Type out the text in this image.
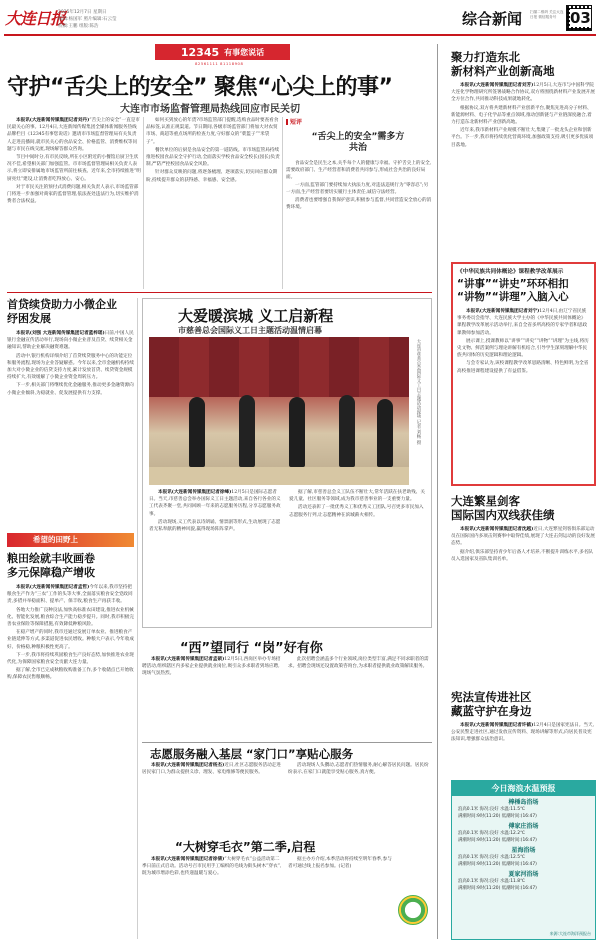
大连日报
2025年12月7日 星期日
编辑:杨国军 照片编辑:石云莹
校稿:王鹏 组版:陈浩	综合新闻 扫描二维码 关注大连日报 微信服务号 03
12345 有事您说话
82561111 81118908
守护“舌尖上的安全” 聚焦“心尖上的事”
大连市市场监督管理局热线回应市民关切

本报讯(大连新闻传媒集团记者刘丹)“舌尖上的安全”一直是市民最关心的事。12月4日,大连新闻传媒集团全媒体新闻服务热线品牌栏目《12345有事您说话》邀请市市场监督管理局有关负责人走进直播间,就市民关心的食品安全、价格监管、消费维权等问题与市民在线交流,现场解答群众咨询。

节目中间时分,有市民反映,所在小区附近的小餐馆后厨卫生状况不佳,希望相关部门加强监管。市市场监督管理局相关负责人表示,将立即安排属地市场监管所前往核查。近年来,全市持续推进“明厨亮灶”建设,让消费者吃得放心、安心。

对于市民关注的预付式消费问题,相关负责人表示,市场监管部门将进一步加强对商家的监督管理,依法查处违法行为,切实维护消费者合法权益。

如何买到放心的年货?市场监管部门提醒,选购食品时要查看食品标签,认准正规渠道。节日期间,各级市场监管部门将加大对农贸市场、商超等重点场所的检查力度,守好群众的“菜篮子”“米袋子”。

餐饮单位的后厨是食品安全的第一道防线。市市场监管局持续推进校园食品安全守护行动,全面落实学校食品安全校长(园长)负责制,严防严控校园食品安全风险。

针对群众反映的问题,将逐条梳理、逐项落实,切实回应群众期盼,持续提升群众的获得感、幸福感、安全感。

短评
“舌尖上的安全”需多方共治

食品安全是民生之本,关乎每个人的健康与幸福。守护舌尖上的安全,需要政府部门、生产经营者和消费者共同参与,形成社会共治的良好局面。

一方面,监管部门要持续加大执法力度,对违法违规行为“零容忍”;另一方面,生产经营者要切实履行主体责任,诚信守法经营。

消费者也要增强自我保护意识,积极参与监督,共同营造安全放心的消费环境。

聚力打造东北
新材料产业创新高地

本报讯(大连新闻传媒集团记者刘芳)12月5日,大连市与中国科学院大连化学物理研究所签署战略合作协议,双方将围绕新材料产业发展开展全方位合作,共同推动科技成果就地转化。

根据协议,双方将共建新材料产业创新平台,聚焦先进高分子材料、新能源材料、电子化学品等重点领域,推动创新链与产业链深度融合,着力打造东北新材料产业创新高地。

近年来,我市新材料产业规模不断壮大,集聚了一批龙头企业和创新平台。下一步,我市将持续优化营商环境,加强政策支持,吸引更多优质项目落地。

《中华民族共同体概论》课程教学改革展示
“讲事”“讲史”环环相扣
“讲物”“讲理”入脑入心

本报讯(大连新闻传媒集团记者刘宁)12月4日,由辽宁省民族事务委员会指导、大连民族大学主办的《中华民族共同体概论》课程教学改革展示活动举行,来自全省多所高校的专家学者和思政课教师参加活动。

展示课上,授课教师以“讲事”“讲史”“讲物”“讲理”为主线,将历史文物、鲜活案例与理论讲解有机结合,引导学生深刻理解中华民族共同体的历史逻辑和理论逻辑。

与会专家认为,该校课程教学改革思路清晰、特色鲜明,为全省高校推进课程建设提供了有益借鉴。

大连繁星剑客
国际国内双线获佳绩

本报讯(大连新闻传媒集团记者沈越)近日,大连繁星剑客俱乐部运动员在国际国内多项击剑赛事中取得佳绩,展现了大连击剑运动的良好发展态势。

据介绍,俱乐部坚持青少年后备人才培养,不断提升训练水平,多名队员入选国家及省队集训名单。

宪法宣传进社区
藏蓝守护在身边

本报讯(大连新闻传媒集团记者许鹤)12月4日是国家宪法日。当天,公安民警走进社区,通过发放宣传资料、现场讲解等形式,向居民普及宪法知识,增强群众法治意识。

今日海浪水温预报
棒棰岛浴场
浪高0.1米 海况:良好 水温:11.5℃
满潮时间:9时(11:20) 低潮时间:(16:47)
傅家庄浴场
浪高0.1米 海况:良好 水温:12.2℃
满潮时间:9时(11:20) 低潮时间:(16:47)
星海浴场
浪高0.1米 海况:良好 水温:12.5℃
满潮时间:9时(11:20) 低潮时间:(16:47)
夏家河浴场
浪高0.1米 海况:良好 水温:11.8℃
满潮时间:9时(11:20) 低潮时间:(16:47)
来源:大连市海洋预报台
首贷续贷助力小微企业
纾困发展

本报讯(刘强 大连新闻传媒集团记者蓝梓瑶)日前,中国人民银行金融宣传活动举行,现场向小微企业普及首贷、续贷相关金融知识,帮助企业解决融资难题。

活动中,银行机构详细介绍了首贷续贷服务中心的功能定位和服务流程,现场为企业答疑解惑。今年以来,全市金融机构持续加大对小微企业的信贷支持力度,累计发放首贷、续贷资金规模持续扩大,有效缓解了小微企业资金周转压力。

下一步,相关部门将继续优化金融服务,推动更多金融资源向小微企业倾斜,为稳就业、促发展提供有力支撑。

希望的田野上
粮田绘就丰收画卷
多元保障稳产增收

本报讯(大连新闻传媒集团记者孟哲)今年以来,我市坚持把粮食生产作为“三农”工作的头等大事,全面落实粮食安全党政同责,多措并举稳面积、提单产、保丰收,粮食生产再获丰收。

各地大力推广良种良法,加快高标准农田建设,推进农业机械化、智能化发展,粮食综合生产能力稳步提升。同时,我市积极完善农业保险等保障措施,有效降低种粮风险。

在稳产增产的同时,我市还通过发展订单农业、推进粮食产业链延伸等方式,多渠道促进农民增收。种粮大户表示,今年收成好、价格稳,种粮积极性更高了。

下一步,我市将持续巩固粮食生产良好态势,加快推进农业现代化,为保障国家粮食安全贡献大连力量。

据了解,全市已完成秋粮收购准备工作,多个收储点已开始收购,保障农民售粮顺畅。

大爱暖滨城 义工启新程
市慈善总会国际义工日主题活动温情启幕
大连市慈善总会国际义工日主题活动现场 记者 刘畅 摄

本报讯(大连新闻传媒集团记者徐峰)12月5日是国际志愿者日。当天,市慈善总会举办国际义工日主题活动,来自各行各业的义工代表齐聚一堂,共同回顾一年来的志愿服务历程,分享志愿服务故事。

活动现场,义工代表以诗朗诵、情景剧等形式,生动展现了志愿者无私奉献的精神风貌,赢得现场阵阵掌声。

据了解,市慈善总会义工队伍不断壮大,常年活跃在扶老助残、关爱儿童、社区服务等领域,成为我市慈善事业的一支重要力量。

活动还表彰了一批优秀义工和优秀义工团队,号召更多市民加入志愿服务行列,让志愿精神在滨城薪火相传。

“西”望同行 “岗”好有你

本报讯(大连新闻传媒集团记者孟硕)12月5日,西岗区举办专场招聘活动,组织辖区内多家企业提供就业岗位,吸引众多求职者到场应聘,现场气氛热烈。

此次招聘会涵盖多个行业领域,岗位类型丰富,满足不同求职者的需求。招聘会现场还设置政策咨询台,为求职者提供就业政策解读服务。

志愿服务融入基层 “家门口”享贴心服务

本报讯(大连新闻传媒集团记者杨杰)近日,社区志愿服务活动走进居民家门口,为群众提供义诊、理发、家电维修等便民服务。

活动现场人头攢动,志愿者们热情服务,耐心解答居民问题。居民纷纷表示,在家门口就能享受贴心服务,真方便。

“大树穿毛衣”第二季,启程

本报讯(大连新闻传媒集团记者徐倩)“大树穿毛衣”公益活动第二季日前正式启动。活动号召市民用手工编织的毛线为街头树木“穿衣”,既为城市增添色彩,也传递温暖与爱心。

据主办方介绍,本季活动将持续至明年春季,参与者可通过线上报名参加。(记者)
